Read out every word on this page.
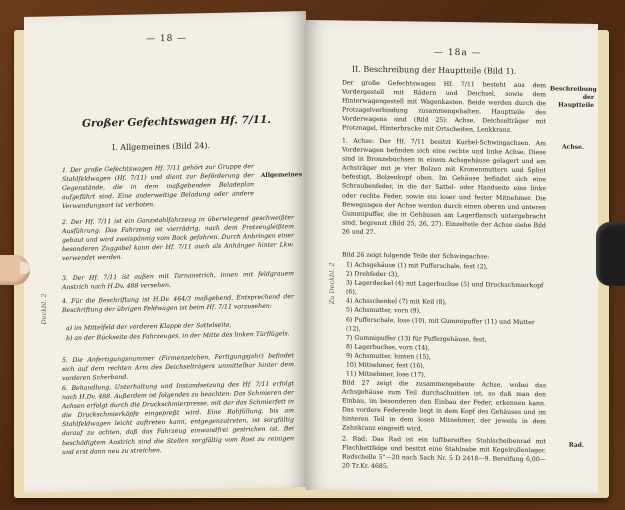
— 18 —
Großer Gefechtswagen Hf. 7/11.
I. Allgemeines (Bild 24).
Allgemeines
Deckbl. 2

1. Der große Gefechtswagen Hf. 7/11 gehört zur Gruppe der Stahlfeldwagen (Hf. 7/11) und dient zur Beförderung der Gegenstände, die in dem maßgebenden Beladeplan aufgeführt sind. Eine anderweitige Beladung oder andere Verwendungsart ist verboten.

2. Der Hf. 7/11 ist ein Ganzstahlfahrzeug in überwiegend geschweißter Ausführung. Das Fahrzeug ist vierrädrig, nach dem Protzengleißtem gebaut und wird zweispännig vom Bock gefahren. Durch Anbringen einer besonderen Zuggabel kann der Hf. 7/11 auch als Anhänger hinter Lkw. verwendet werden.

3. Der Hf. 7/11 ist außen mit Tarnanstrich, innen mit feldgrauem Anstrich nach H.Dv. 488 versehen.

4. Für die Beschriftung ist H.Dv. 464/3 maßgebend. Entsprechend der Beschriftung der übrigen Feldwagen ist beim Hf. 7/11 vorzusehen:

a) im Mittelfeld der vorderen Klappe der Sattelseite,

b) an der Rückseite des Fahrzeuges, in der Mitte des linken Türflügels.

5. Die Anfertigungsnummer (Firmenzeichen, Fertigungsjahr) befindet sich auf dem rechten Arm des Deichselträgers unmittelbar hinter dem vorderen Scherband.

6. Behandlung, Unterhaltung und Instandsetzung des Hf. 7/11 erfolgt nach H.Dv. 488. Außerdem ist folgendes zu beachten: Das Schmieren der Achsen erfolgt durch die Druckschmierpresse, mit der das Schmierfett in die Druckschmierköpfe eingepreßt wird. Eine Rohfüllung, bis am Stahlfeldwagen leicht auftreten kann, entgegenzutreten, ist sorgfältig darauf zu achten, daß das Fahrzeug einwandfrei gestrichen ist. Bei beschädigtem Anstrich sind die Stellen sorgfältig vom Rost zu reinigen und erst dann neu zu streichen.

— 18a —
II. Beschreibung der Hauptteile (Bild 1).
Beschreibung der Hauptteile
Achse.
Rad.
Zu Deckbl. 2

Der große Gefechtswagen Hf. 7/11 besteht aus dem Vordergestell mit Rädern und Deichsel, sowie dem Hinterwagengestell mit Wagenkasten. Beide werden durch die Protzagelverbindung zusammengehalten. Hauptteile des Vorderwagens sind (Bild 25): Achse, Deichselträger mit Protznagel, Hinterbracke mit Ortscheiten, Lenkkranz.

1. Achse: Der Hf. 7/11 besitzt Kurbel-Schwingachsen. Am Vorderwagen befinden sich eine rechte und linke Achse. Diese sind in Bronzebuchsen in einem Achsgehäuse gelagert und am Achsträger mit je vier Bolzen mit Kronenmuttern und Splint befestigt, Bolzenkopf oben. Im Gehäuse befindet sich eine Schraubenfeder, in die der Sattel- oder Handseite eine linke oder rechte Feder, sowie ein loser und fester Mitnehmer. Die Bewegungen der Achse werden durch einen oberen und unteren Gummipuffer, die in Gehäusen am Lagerflansch untergebracht sind, begrenzt (Bild 25, 26, 27). Einzelteile der Achse siehe Bild 26 und 27.

Bild 26 zeigt folgende Teile der Schwingachse:

1) Achsgehäuse (1) mit Pufferschale, fest (2),
2) Drehfeder (3),
3) Lagerdeckel (4) mit Lagerbuchse (5) und Druckschmierkopf (6),
4) Achsschenkel (7) mit Keil (8),
5) Achsmutter, vorn (9),
6) Pufferschale, lose (10), mit Gummipuffer (11) und Mutter (12),
7) Gummipuffer (13) für Puffergehäuse, fest,
8) Lagerbuchse, vorn (14),
9) Achsmutter, hinten (15),
10) Mitnehmer, fest (16),
11) Mitnehmer, lose (17).

Bild 27 zeigt die zusammengebaute Achse, wobei das Achsgehäuse zum Teil durchschnitten ist, so daß man den Einbau, im besonderen den Einbau der Feder, erkennen kann. Das vordere Federende liegt in dem Kopf des Gehäuses und im hinteren Teil in dem losen Mitnehmer, der jeweils in dem Zahnkranz eingreift wird.

2. Rad: Das Rad ist ein luftbereiftes Stahlscheibenrad mit Flachbettfelge und besitzt eine Stahlnabe mit Kegelrollenlager. Radschelle 5"—20 nach Sach Nr. 5 D 2418—9. Bereifung 6,00—20 Tr.Kr. 4685.
